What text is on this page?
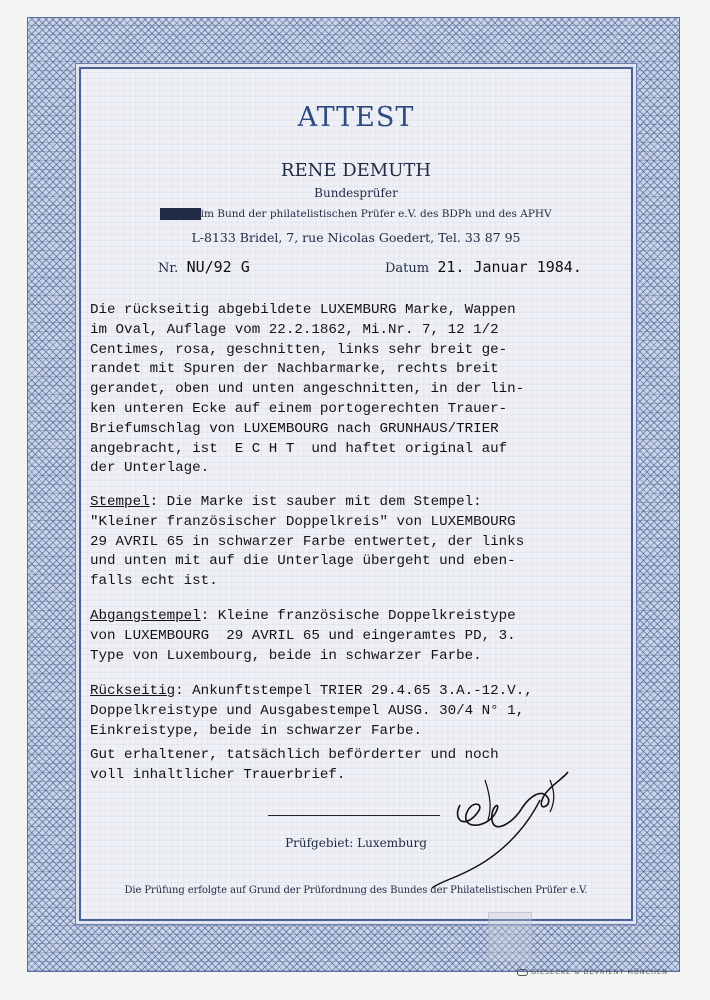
ATTEST
RENE DEMUTH
Bundesprüfer
XXXXXim Bund der philatelistischen Prüfer e.V. des BDPh und des APHV
L-8133 Bridel, 7, rue Nicolas Goedert, Tel. 33 87 95
Nr. NU/92 G	Datum 21. Januar 1984.
Die rückseitig abgebildete LUXEMBURG Marke, Wappen
im Oval, Auflage vom 22.2.1862, Mi.Nr. 7, 12 1/2
Centimes, rosa, geschnitten, links sehr breit ge-
randet mit Spuren der Nachbarmarke, rechts breit
gerandet, oben und unten angeschnitten, in der lin-
ken unteren Ecke auf einem portogerechten Trauer-
Briefumschlag von LUXEMBOURG nach GRUNHAUS/TRIER
angebracht, ist  E C H T  und haftet original auf
der Unterlage.
Stempel: Die Marke ist sauber mit dem Stempel:
"Kleiner französischer Doppelkreis" von LUXEMBOURG
29 AVRIL 65 in schwarzer Farbe entwertet, der links
und unten mit auf die Unterlage übergeht und eben-
falls echt ist.
Abgangstempel: Kleine französische Doppelkreistype
von LUXEMBOURG  29 AVRIL 65 und eingeramtes PD, 3.
Type von Luxembourg, beide in schwarzer Farbe.
Rückseitig: Ankunftstempel TRIER 29.4.65 3.A.-12.V.,
Doppelkreistype und Ausgabestempel AUSG. 30/4 N° 1,
Einkreistype, beide in schwarzer Farbe.
Gut erhaltener, tatsächlich beförderter und noch
voll inhaltlicher Trauerbrief.
Prüfgebiet: Luxemburg
Die Prüfung erfolgte auf Grund der Prüfordnung des Bundes der Philatelistischen Prüfer e.V.
GIESECKE & DEVRIENT MÜNCHEN
